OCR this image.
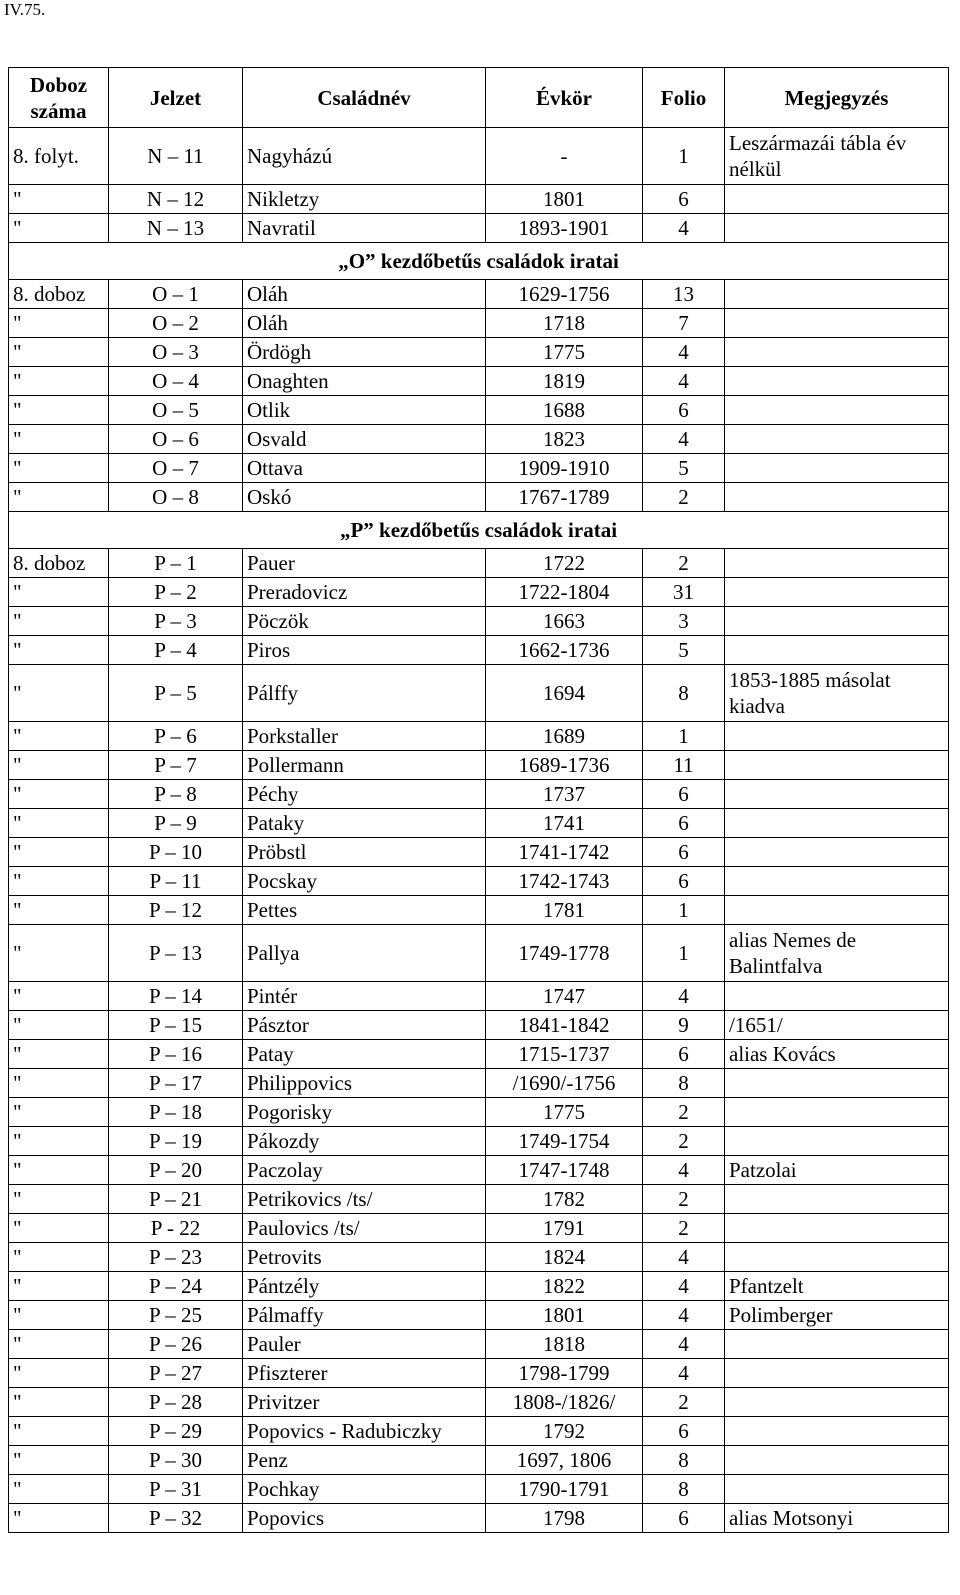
IV.75.
Doboz száma	Jelzet	Családnév	Évkör	Folio	Megjegyzés
8. folyt.	N – 11	Nagyházú	-	1	Leszármazái tábla év nélkül
"	N – 12	Nikletzy	1801	6	
"	N – 13	Navratil	1893-1901	4	
„O” kezdőbetűs családok iratai					
8. doboz	O – 1	Oláh	1629-1756	13	
"	O – 2	Oláh	1718	7	
"	O – 3	Ördögh	1775	4	
"	O – 4	Onaghten	1819	4	
"	O – 5	Otlik	1688	6	
"	O – 6	Osvald	1823	4	
"	O – 7	Ottava	1909-1910	5	
"	O – 8	Oskó	1767-1789	2	
„P” kezdőbetűs családok iratai					
8. doboz	P – 1	Pauer	1722	2	
"	P – 2	Preradovicz	1722-1804	31	
"	P – 3	Pöczök	1663	3	
"	P – 4	Piros	1662-1736	5	
"	P – 5	Pálffy	1694	8	1853-1885 másolat kiadva
"	P – 6	Porkstaller	1689	1	
"	P – 7	Pollermann	1689-1736	11	
"	P – 8	Péchy	1737	6	
"	P – 9	Pataky	1741	6	
"	P – 10	Pröbstl	1741-1742	6	
"	P – 11	Pocskay	1742-1743	6	
"	P – 12	Pettes	1781	1	
"	P – 13	Pallya	1749-1778	1	alias Nemes de Balintfalva
"	P – 14	Pintér	1747	4	
"	P – 15	Pásztor	1841-1842	9	/1651/
"	P – 16	Patay	1715-1737	6	alias Kovács
"	P – 17	Philippovics	/1690/-1756	8	
"	P – 18	Pogorisky	1775	2	
"	P – 19	Pákozdy	1749-1754	2	
"	P – 20	Paczolay	1747-1748	4	Patzolai
"	P – 21	Petrikovics /ts/	1782	2	
"	P - 22	Paulovics /ts/	1791	2	
"	P – 23	Petrovits	1824	4	
"	P – 24	Pántzély	1822	4	Pfantzelt
"	P – 25	Pálmaffy	1801	4	Polimberger
"	P – 26	Pauler	1818	4	
"	P – 27	Pfiszterer	1798-1799	4	
"	P – 28	Privitzer	1808-/1826/	2	
"	P – 29	Popovics - Radubiczky	1792	6	
"	P – 30	Penz	1697, 1806	8	
"	P – 31	Pochkay	1790-1791	8	
"	P – 32	Popovics	1798	6	alias Motsonyi
